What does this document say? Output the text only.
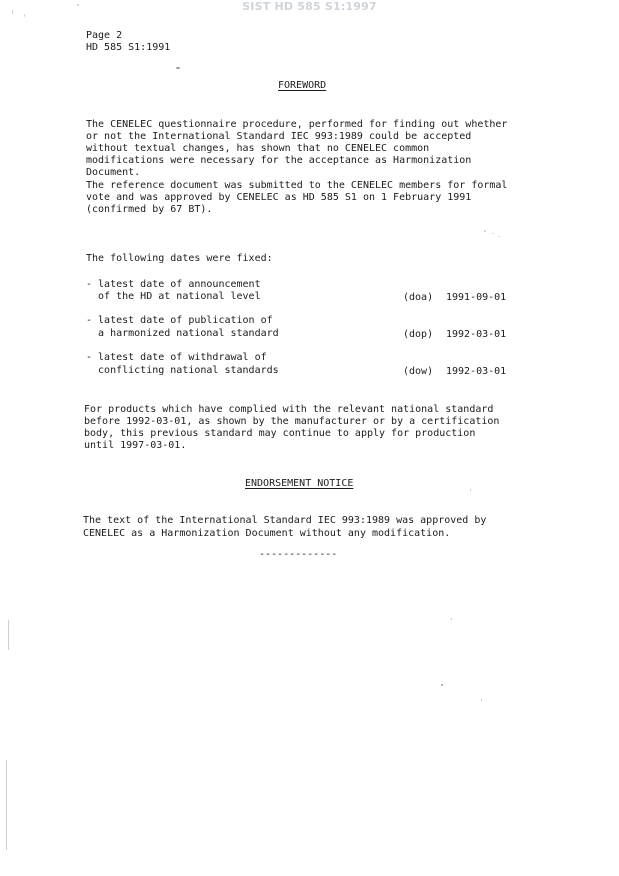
SIST HD 585 S1:1997
Page 2
HD 585 S1:1991
FOREWORD
The CENELEC questionnaire procedure, performed for finding out whether
or not the International Standard IEC 993:1989 could be accepted
without textual changes, has shown that no CENELEC common
modifications were necessary for the acceptance as Harmonization
Document.
The reference document was submitted to the CENELEC members for formal
vote and was approved by CENELEC as HD 585 S1 on 1 February 1991
(confirmed by 67 BT).
The following dates were fixed:
- latest date of announcement
of the HD at national level	(doa) 1991-09-01
- latest date of publication of
a harmonized national standard	(dop) 1992-03-01
- latest date of withdrawal of
conflicting national standards	(dow) 1992-03-01
For products which have complied with the relevant national standard
before 1992-03-01, as shown by the manufacturer or by a certification
body, this previous standard may continue to apply for production
until 1997-03-01.
ENDORSEMENT NOTICE
The text of the International Standard IEC 993:1989 was approved by
CENELEC as a Harmonization Document without any modification.
-------------
